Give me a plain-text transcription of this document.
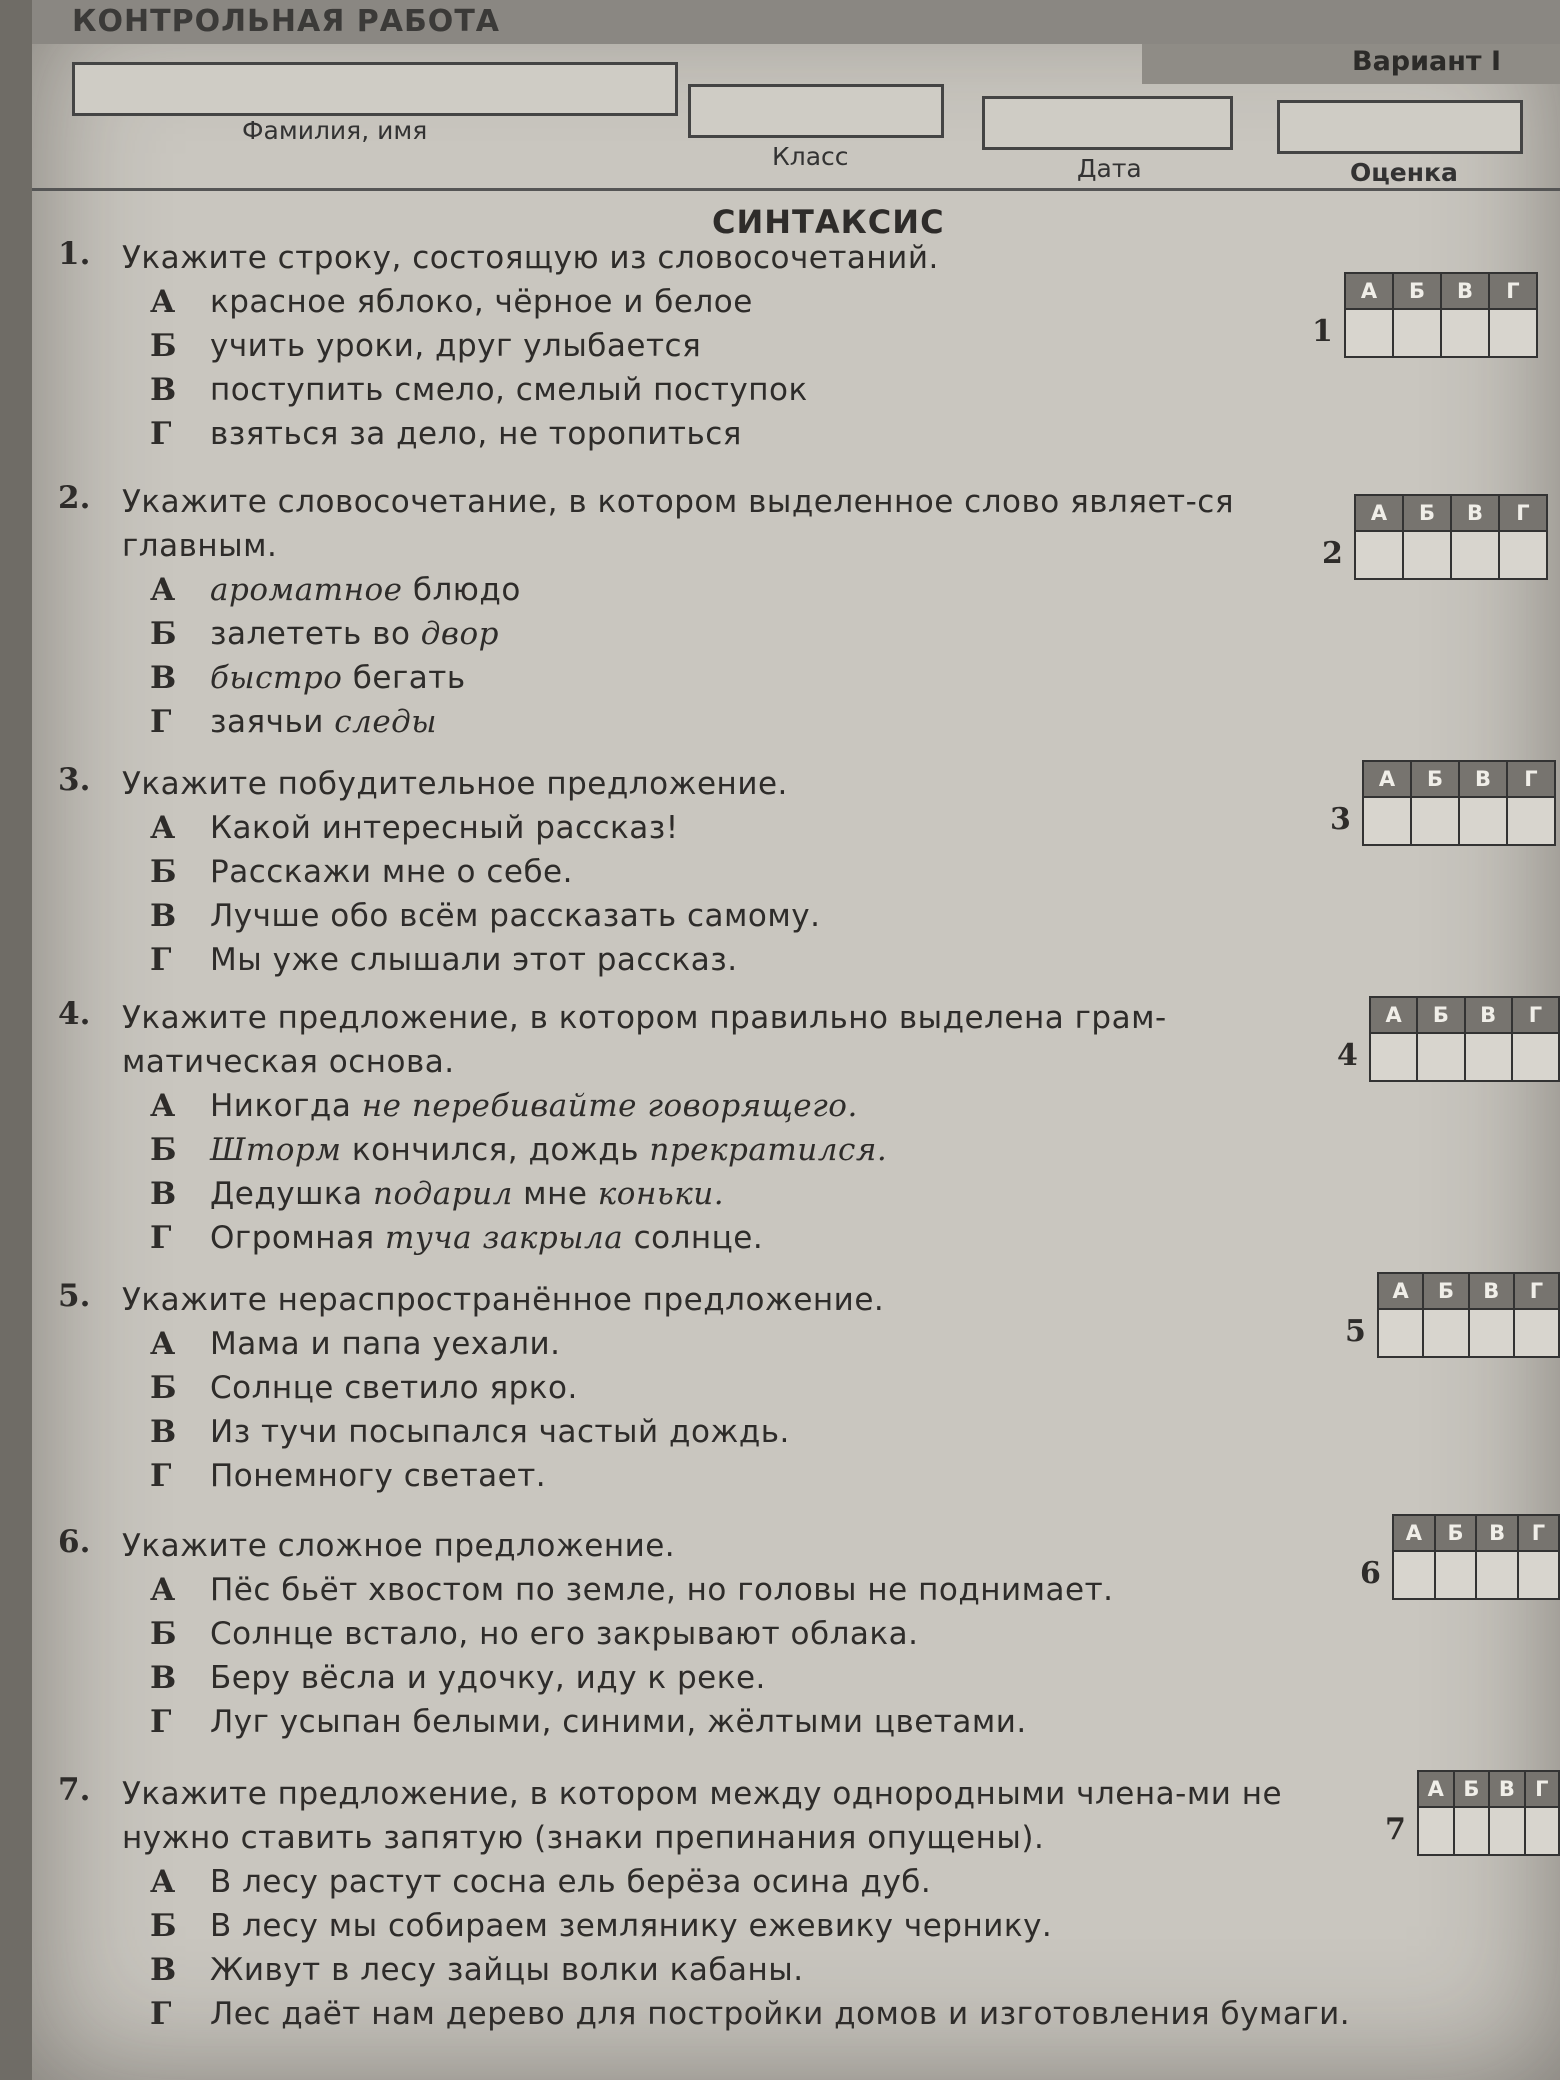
КОНТРОЛЬНАЯ РАБОТА
Вариант I
Фамилия, имя
Класс	Дата	Оценка
СИНТАКСИС
1. Укажите строку, состоящую из словосочетаний.
А красное яблоко, чёрное и белое
Б учить уроки, друг улыбается
В поступить смело, смелый поступок
Г взяться за дело, не торопиться
1
А	Б	В	Г

2. Укажите словосочетание, в котором выделенное слово являет-ся главным.
А ароматное блюдо
Б залететь во двор
В быстро бегать
Г заячьи следы
2
А	Б	В	Г

3. Укажите побудительное предложение.
А Какой интересный рассказ!
Б Расскажи мне о себе.
В Лучше обо всём рассказать самому.
Г Мы уже слышали этот рассказ.
3
А	Б	В	Г

4. Укажите предложение, в котором правильно выделена грам-матическая основа.
А Никогда не перебивайте говорящего.
Б Шторм кончился, дождь прекратился.
В Дедушка подарил мне коньки.
Г Огромная туча закрыла солнце.
4
А	Б	В	Г

5. Укажите нераспространённое предложение.
А Мама и папа уехали.
Б Солнце светило ярко.
В Из тучи посыпался частый дождь.
Г Понемногу светает.
5
А	Б	В	Г

6. Укажите сложное предложение.
А Пёс бьёт хвостом по земле, но головы не поднимает.
Б Солнце встало, но его закрывают облака.
В Беру вёсла и удочку, иду к реке.
Г Луг усыпан белыми, синими, жёлтыми цветами.
6
А	Б	В	Г

7. Укажите предложение, в котором между однородными члена-ми не нужно ставить запятую (знаки препинания опущены).
А В лесу растут сосна ель берёза осина дуб.
Б В лесу мы собираем землянику ежевику чернику.
В Живут в лесу зайцы волки кабаны.
Г Лес даёт нам дерево для постройки домов и изготовления бумаги.
7
А	Б	В	Г
